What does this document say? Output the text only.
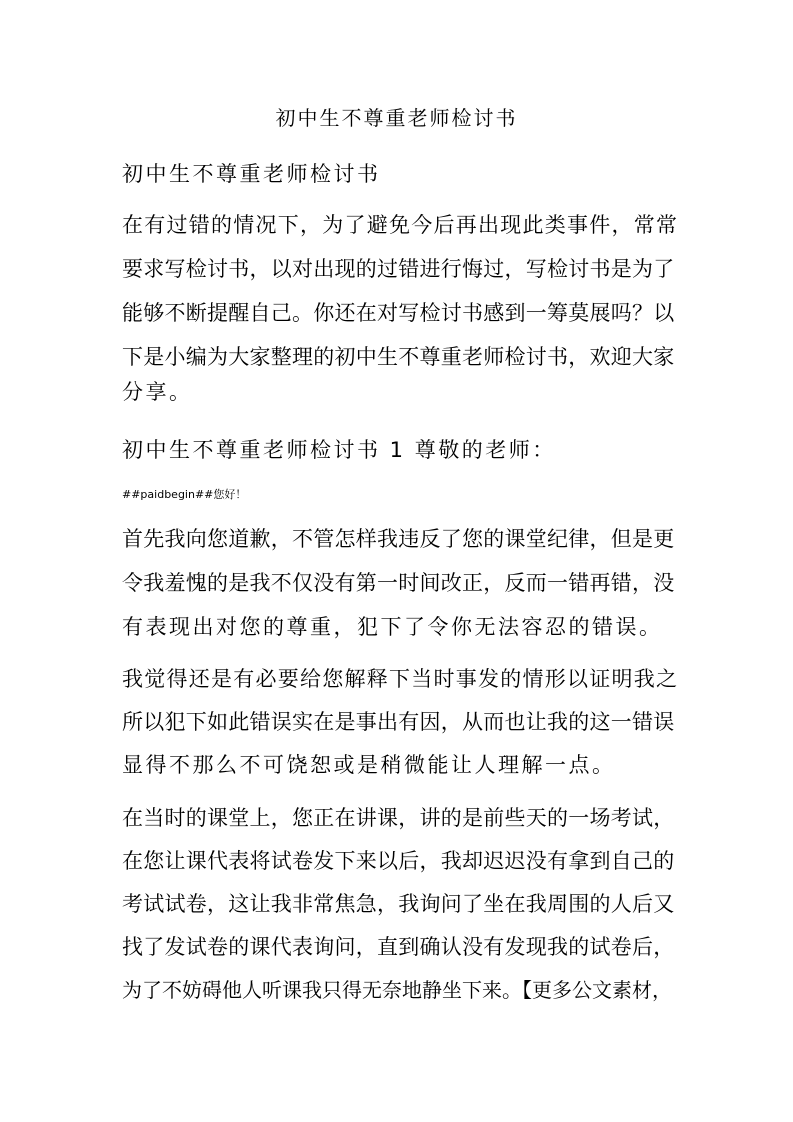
初中生不尊重老师检讨书
初中生不尊重老师检讨书
在有过错的情况下，为了避免今后再出现此类事件，常常
要求写检讨书，以对出现的过错进行悔过，写检讨书是为了
能够不断提醒自己。你还在对写检讨书感到一筹莫展吗？以
下是小编为大家整理的初中生不尊重老师检讨书，欢迎大家
分享。
初中生不尊重老师检讨书 1 尊敬的老师：
##paidbegin##您好！
首先我向您道歉，不管怎样我违反了您的课堂纪律，但是更
令我羞愧的是我不仅没有第一时间改正，反而一错再错，没
有表现出对您的尊重，犯下了令你无法容忍的错误。
我觉得还是有必要给您解释下当时事发的情形以证明我之
所以犯下如此错误实在是事出有因，从而也让我的这一错误
显得不那么不可饶恕或是稍微能让人理解一点。
在当时的课堂上，您正在讲课，讲的是前些天的一场考试，
在您让课代表将试卷发下来以后，我却迟迟没有拿到自己的
考试试卷，这让我非常焦急，我询问了坐在我周围的人后又
找了发试卷的课代表询问，直到确认没有发现我的试卷后，
为了不妨碍他人听课我只得无奈地静坐下来。【更多公文素材，
